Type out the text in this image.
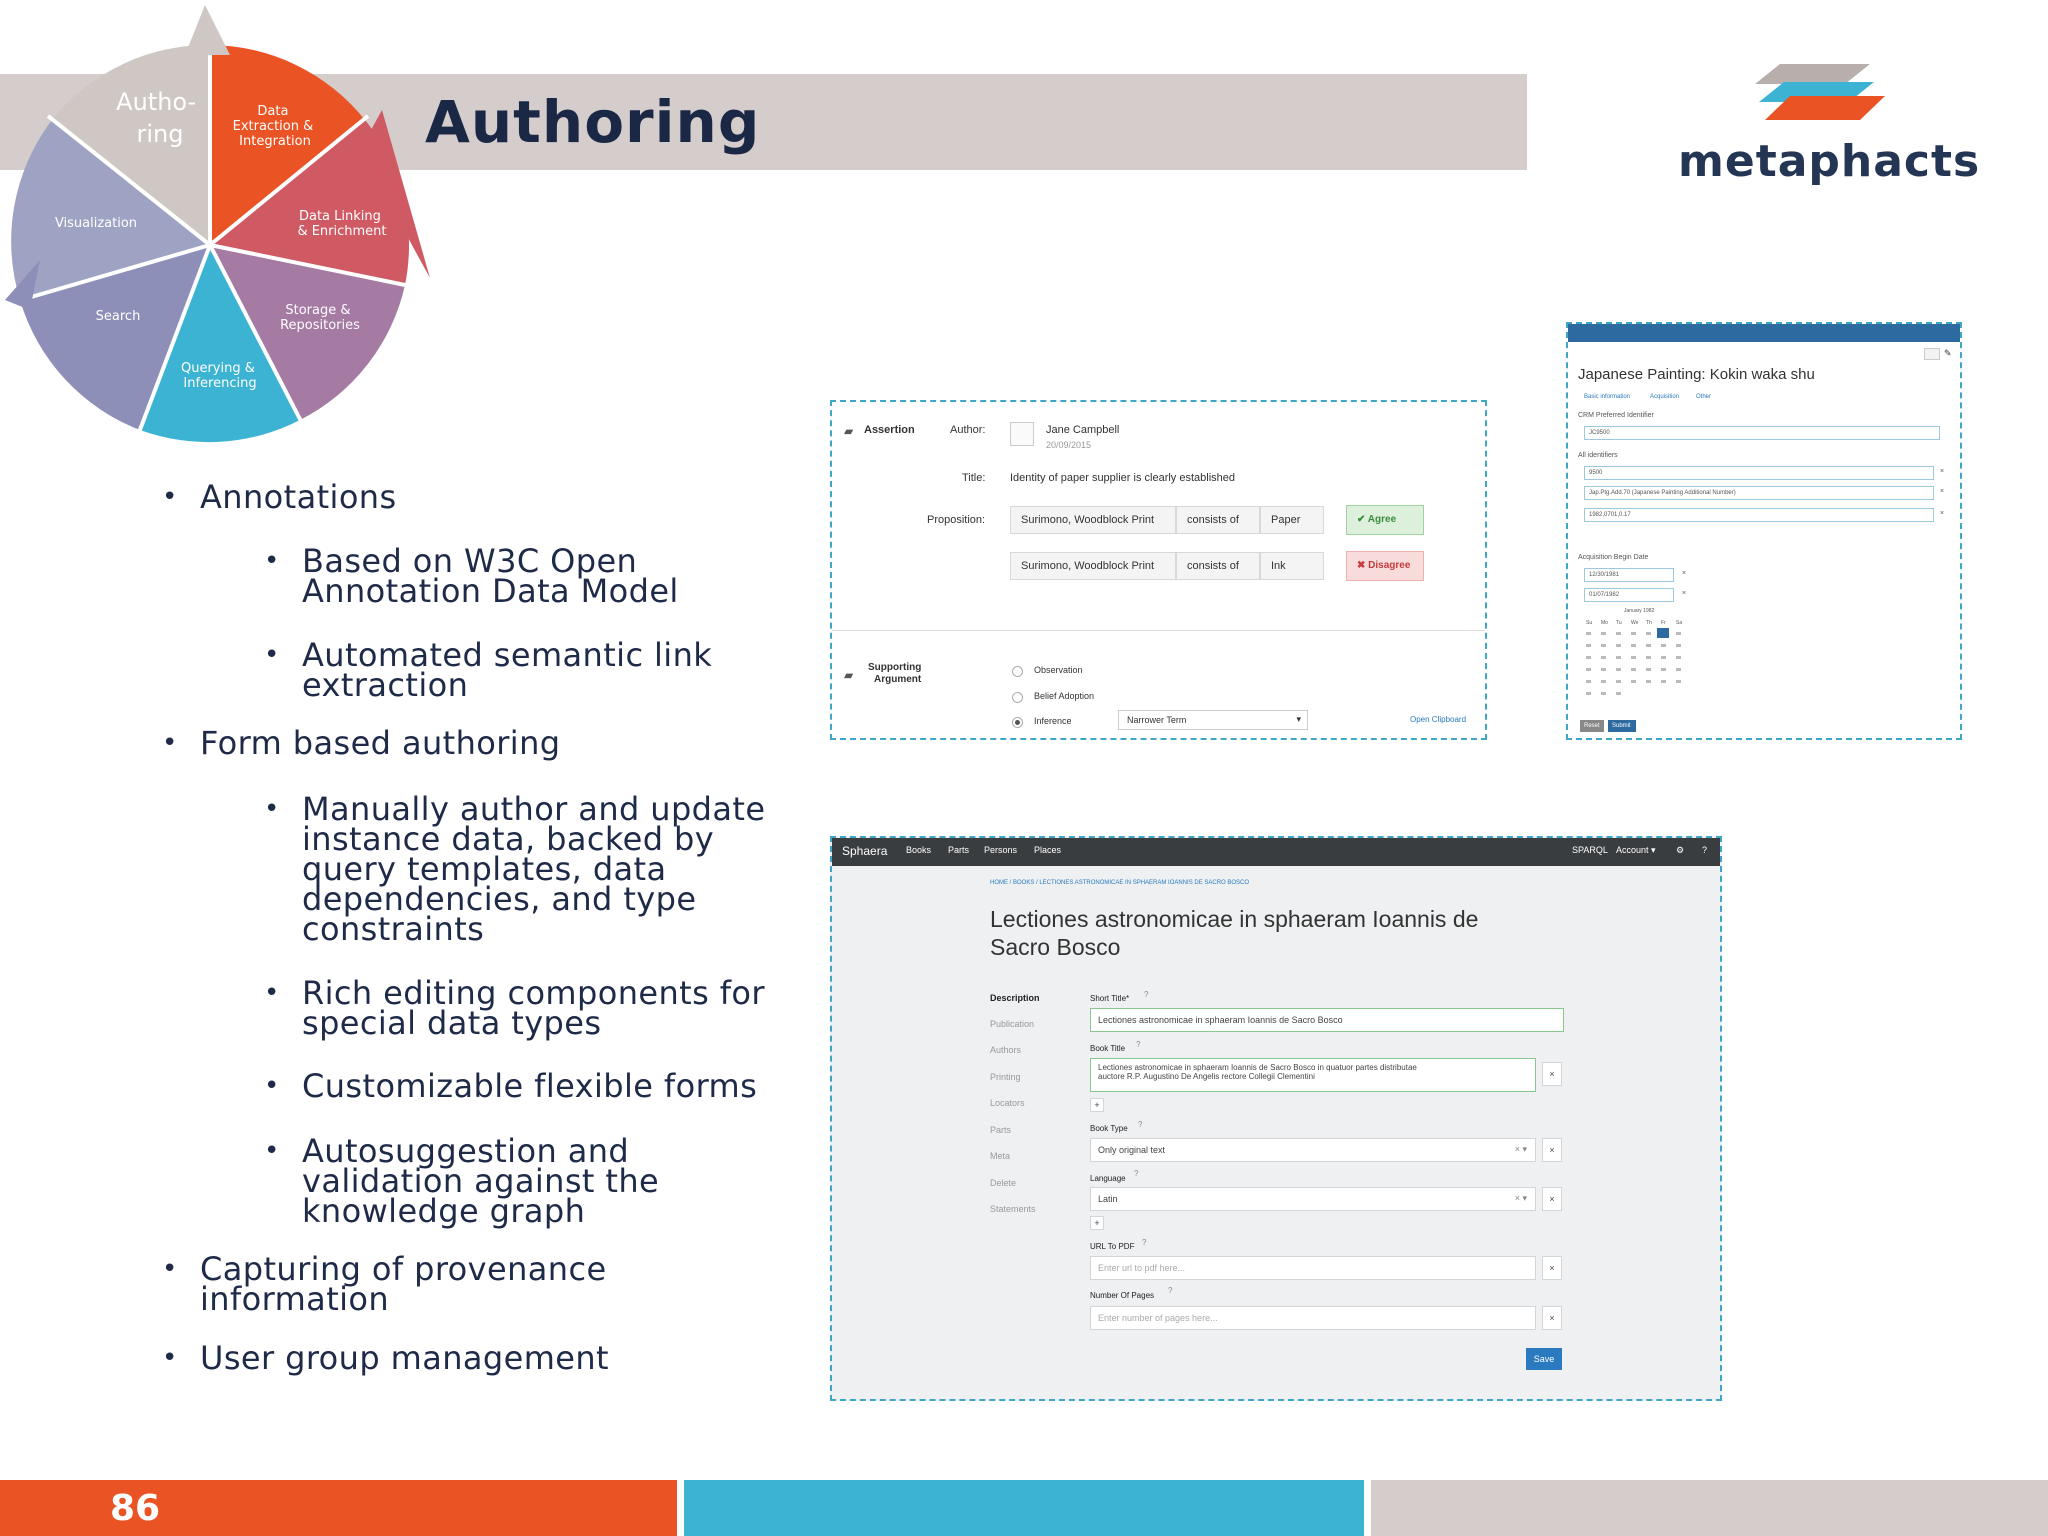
Authoring
metaphacts
Autho- ring
Data Extraction & Integration
Data Linking & Enrichment
Storage & Repositories
Querying & Inferencing
Search
Visualization
• Annotations
• Based on W3C Open
Annotation Data Model
• Automated semantic link
extraction
• Form based authoring
• Manually author and update
instance data, backed by
query templates, data
dependencies, and type
constraints
• Rich editing components for
special data types
• Customizable flexible forms
• Autosuggestion and
validation against the
knowledge graph
• Capturing of provenance
information
• User group management
▰ Assertion	Author:	Jane Campbell
20/09/2015
Title: Identity of paper supplier is clearly established
Proposition:	Surimono, Woodblock Print	consists of	Paper	✔ Agree
Surimono, Woodblock Print	consists of	Ink	✖ Disagree
▰
Supporting
Argument
Observation
Belief Adoption
Inference	Narrower Term	▾	Open Clipboard
✎
Japanese Painting: Kokin waka shu
Basic information	Acquisition	Other
CRM Preferred Identifier
JC9500
All identifiers
9500	×
Jap.Ptg.Add.70 (Japanese Painting Additional Number)	×
1982,0701,0.17	×
Acquisition Begin Date
12/30/1981	×
01/07/1982	×
January 1982
Su Mo Tu We Th Fr Sa
Reset	Submit
Sphaera Books Parts Persons Places	SPARQL Account ▾ ⚙ ?
HOME / BOOKS / LECTIONES ASTRONOMICAE IN SPHAERAM IOANNIS DE SACRO BOSCO
Lectiones astronomicae in sphaeram Ioannis de
Sacro Bosco
Description
Publication
Authors
Printing
Locators
Parts
Meta
Delete
Statements
Short Title* ?
Lectiones astronomicae in sphaeram Ioannis de Sacro Bosco
Book Title ?
Lectiones astronomicae in sphaeram Ioannis de Sacro Bosco in quatuor partes distributae
auctore R.P. Augustino De Angelis rectore Collegii Clementini	×
+
Book Type ?
Only original text	× ▾	×
Language
?
Latin	× ▾	×
+
URL To PDF ?
Enter url to pdf here...	×
Number Of Pages
?
Enter number of pages here...	×
Save
86
